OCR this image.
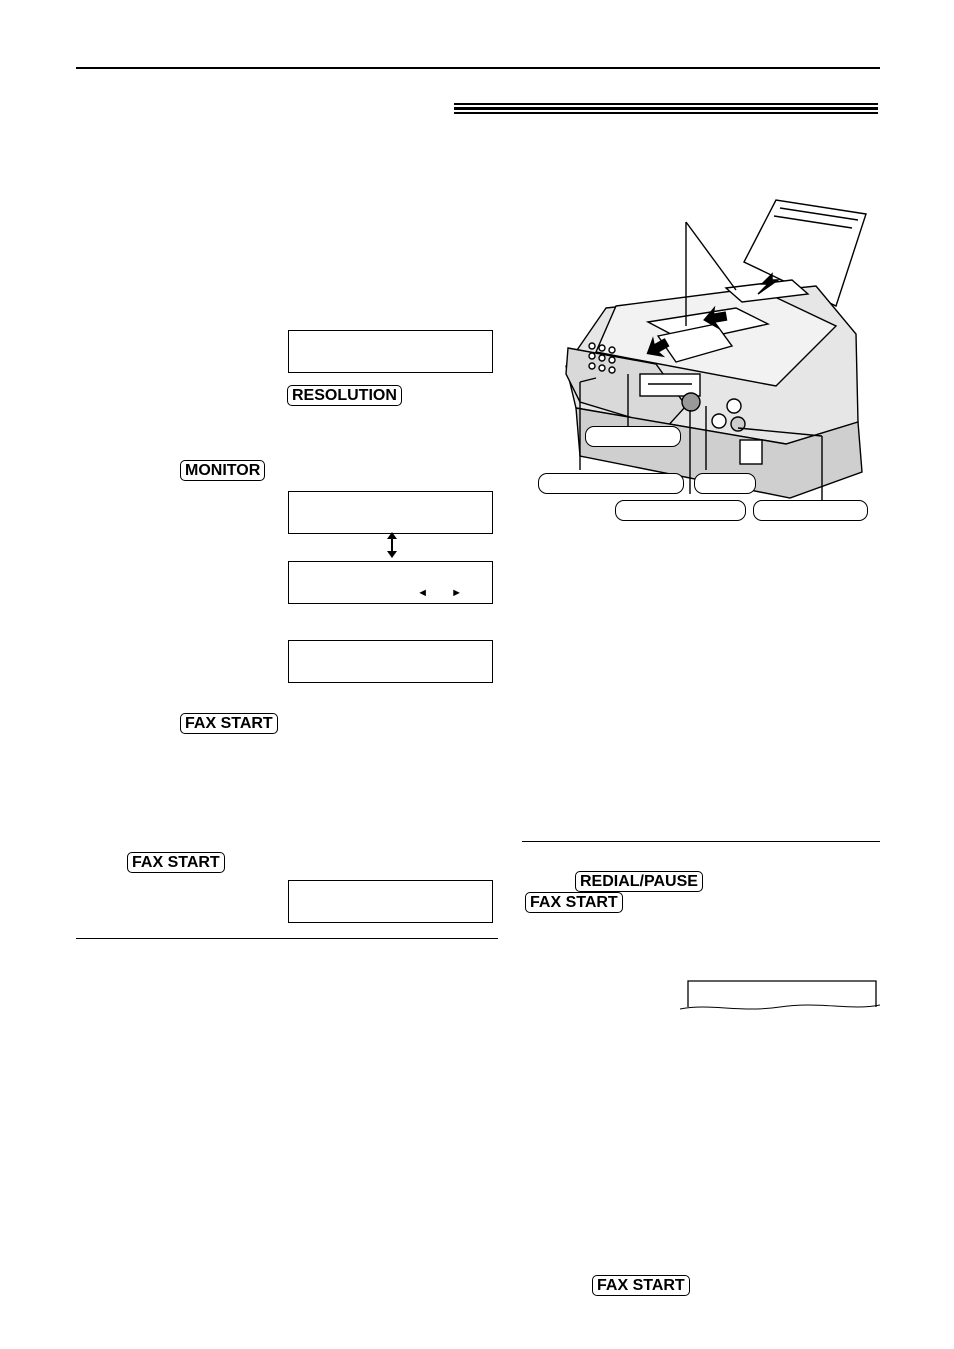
RESOLUTION
MONITOR
◄ ►
FAX START
FAX START
REDIAL/PAUSE
FAX START
FAX START
